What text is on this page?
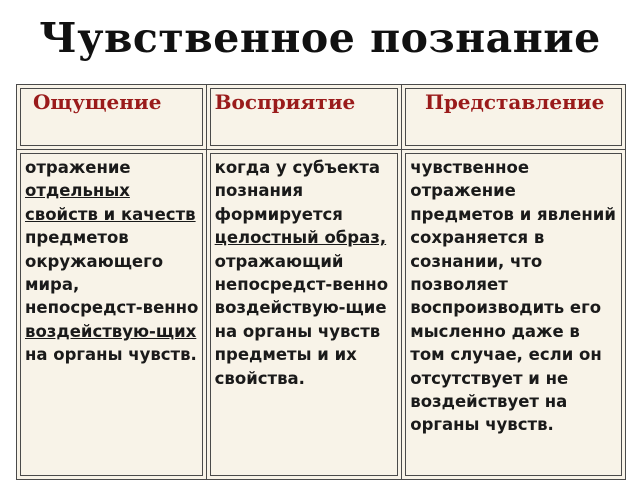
Чувственное познание
Ощущение	Восприятие	Представление
отражение отдельных свойств и качеств предметов окружающего мира, непосредст-венно воздействую-щих на органы чувств.	когда у субъекта познания формируется целостный образ, отражающий непосредст-венно воздействую-щие на органы чувств предметы и их свойства.	чувственное отражение предметов и явлений сохраняется в сознании, что позволяет воспроизводить его мысленно даже в том случае, если он отсутствует и не воздействует на органы чувств.
